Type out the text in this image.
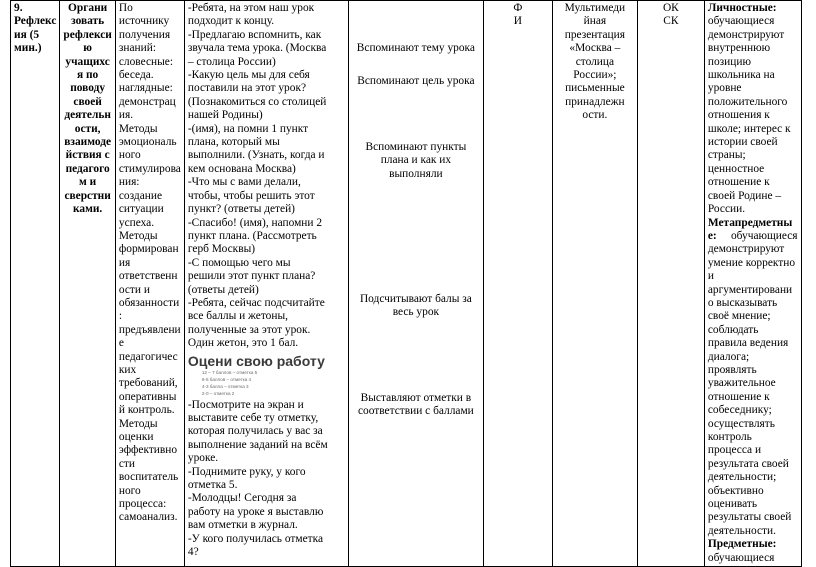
9.
Рефлекс
ия (5
мин.)

Органи
зовать
рефлекси
ю
учащихс
я по
поводу
своей
деятельн
ости,
взаимоде
йствия с
педагого
м и
сверстни
ками.

По
источнику
получения
знаний:
словесные:
беседа.
наглядные:
демонстрац
ия.
Методы
эмоциональ
ного
стимулирова
ния:
создание
ситуации
успеха.
Методы
формирован
ия
ответственн
ости и
обязанности
:
предъявлени
е
педагогичес
ких
требований,
оперативны
й контроль.
Методы
оценки
эффективно
сти
воспитатель
ного
процесса:
самоанализ.

-Ребята, на этом наш урок
подходит к концу.
-Предлагаю вспомнить, как
звучала тема урока. (Москва
– столица России)
-Какую цель мы для себя
поставили на этот урок?
(Познакомиться со столицей
нашей Родины)
-(имя), на помни 1 пункт
плана, который мы
выполнили. (Узнать, когда и
кем основана Москва)
-Что мы с вами делали,
чтобы, чтобы решить этот
пункт? (ответы детей)
-Спасибо! (имя), напомни 2
пункт плана. (Рассмотреть
герб Москвы)
-С помощью чего мы
решили этот пункт плана?
(ответы детей)
-Ребята, сейчас подсчитайте
все баллы и жетоны,
полученные за этот урок.
Один жетон, это 1 бал.
Оцени свою работу
12 – 7 баллов – отметка 5
6-5 баллов – отметка 4
4-3 балла – отметка 3
2-0 – отметка 2
-Посмотрите на экран и
выставите себе ту отметку,
которая получилась у вас за
выполнение заданий на всём
уроке.
-Поднимите руку, у кого
отметка 5.
-Молодцы! Сегодня за
работу на уроке я выставлю
вам отметки в журнал.
-У кого получилась отметка
4?

Вспоминают тему урока
Вспоминают цель урока
Вспоминают пункты
плана и как их
выполняли
Подсчитывают балы за
весь урок
Выставляют отметки в
соответствии с баллами

Ф
И

Мультимеди
йная
презентация
«Москва –
столица
России»;
письменные
принадлежн
ости.

ОК
СК

Личностные:
обучающиеся
демонстрируют
внутреннюю
позицию
школьника на
уровне
положительного
отношения к
школе; интерес к
истории своей
страны;
ценностное
отношение к
своей Родине –
России.
Метапредметны
е: обучающиеся
демонстрируют
умение корректно
и
аргументировани
о высказывать
своё мнение;
соблюдать
правила ведения
диалога;
проявлять
уважительное
отношение к
собеседнику;
осуществлять
контроль
процесса и
результата своей
деятельности;
объективно
оценивать
результаты своей
деятельности.
Предметные:
обучающиеся
